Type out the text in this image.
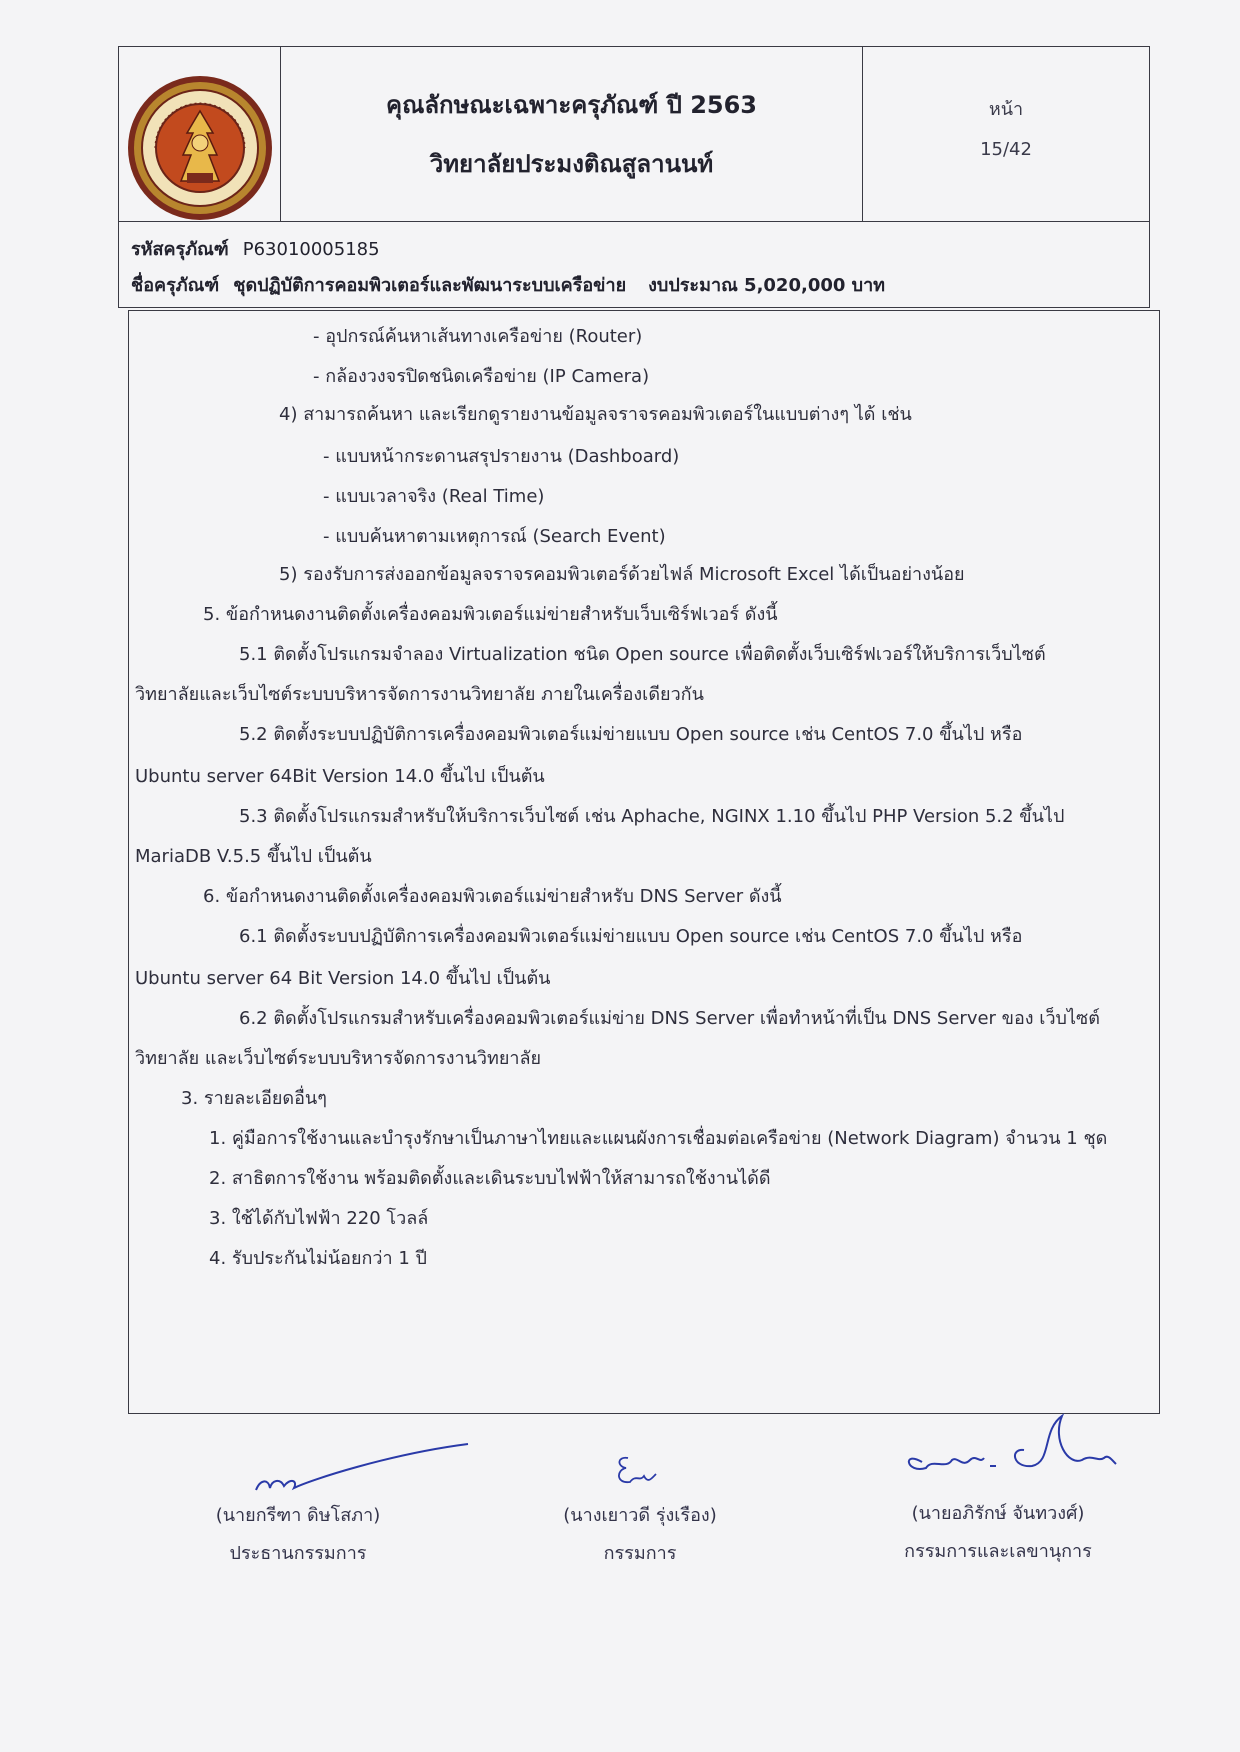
คุณลักษณะเฉพาะครุภัณฑ์ ปี 2563
วิทยาลัยประมงติณสูลานนท์
หน้า
15/42
รหัสครุภัณฑ์ P63010005185
ชื่อครุภัณฑ์ ชุดปฏิบัติการคอมพิวเตอร์และพัฒนาระบบเครือข่าย งบประมาณ 5,020,000 บาท
- อุปกรณ์ค้นหาเส้นทางเครือข่าย (Router)
- กล้องวงจรปิดชนิดเครือข่าย (IP Camera)
4) สามารถค้นหา และเรียกดูรายงานข้อมูลจราจรคอมพิวเตอร์ในแบบต่างๆ ได้ เช่น
- แบบหน้ากระดานสรุปรายงาน (Dashboard)
- แบบเวลาจริง (Real Time)
- แบบค้นหาตามเหตุการณ์ (Search Event)
5) รองรับการส่งออกข้อมูลจราจรคอมพิวเตอร์ด้วยไฟล์ Microsoft Excel ได้เป็นอย่างน้อย
5. ข้อกำหนดงานติดตั้งเครื่องคอมพิวเตอร์แม่ข่ายสำหรับเว็บเซิร์ฟเวอร์ ดังนี้
5.1 ติดตั้งโปรแกรมจำลอง Virtualization ชนิด Open source เพื่อติดตั้งเว็บเซิร์ฟเวอร์ให้บริการเว็บไซต์
วิทยาลัยและเว็บไซต์ระบบบริหารจัดการงานวิทยาลัย ภายในเครื่องเดียวกัน
5.2 ติดตั้งระบบปฏิบัติการเครื่องคอมพิวเตอร์แม่ข่ายแบบ Open source เช่น CentOS 7.0 ขึ้นไป หรือ
Ubuntu server 64Bit Version 14.0 ขึ้นไป เป็นต้น
5.3 ติดตั้งโปรแกรมสำหรับให้บริการเว็บไซต์ เช่น Aphache, NGINX 1.10 ขึ้นไป PHP Version 5.2 ขึ้นไป
MariaDB V.5.5 ขึ้นไป เป็นต้น
6. ข้อกำหนดงานติดตั้งเครื่องคอมพิวเตอร์แม่ข่ายสำหรับ DNS Server ดังนี้
6.1 ติดตั้งระบบปฏิบัติการเครื่องคอมพิวเตอร์แม่ข่ายแบบ Open source เช่น CentOS 7.0 ขึ้นไป หรือ
Ubuntu server 64 Bit Version 14.0 ขึ้นไป เป็นต้น
6.2 ติดตั้งโปรแกรมสำหรับเครื่องคอมพิวเตอร์แม่ข่าย DNS Server เพื่อทำหน้าที่เป็น DNS Server ของ เว็บไซต์
วิทยาลัย และเว็บไซต์ระบบบริหารจัดการงานวิทยาลัย
3. รายละเอียดอื่นๆ
1. คู่มือการใช้งานและบำรุงรักษาเป็นภาษาไทยและแผนผังการเชื่อมต่อเครือข่าย (Network Diagram) จำนวน 1 ชุด
2. สาธิตการใช้งาน พร้อมติดตั้งและเดินระบบไฟฟ้าให้สามารถใช้งานได้ดี
3. ใช้ได้กับไฟฟ้า 220 โวลล์
4. รับประกันไม่น้อยกว่า 1 ปี
(นายกรีฑา ดิษโสภา)
ประธานกรรมการ
(นางเยาวดี รุ่งเรือง)
กรรมการ
(นายอภิรักษ์ จันทวงศ์)
กรรมการและเลขานุการ
